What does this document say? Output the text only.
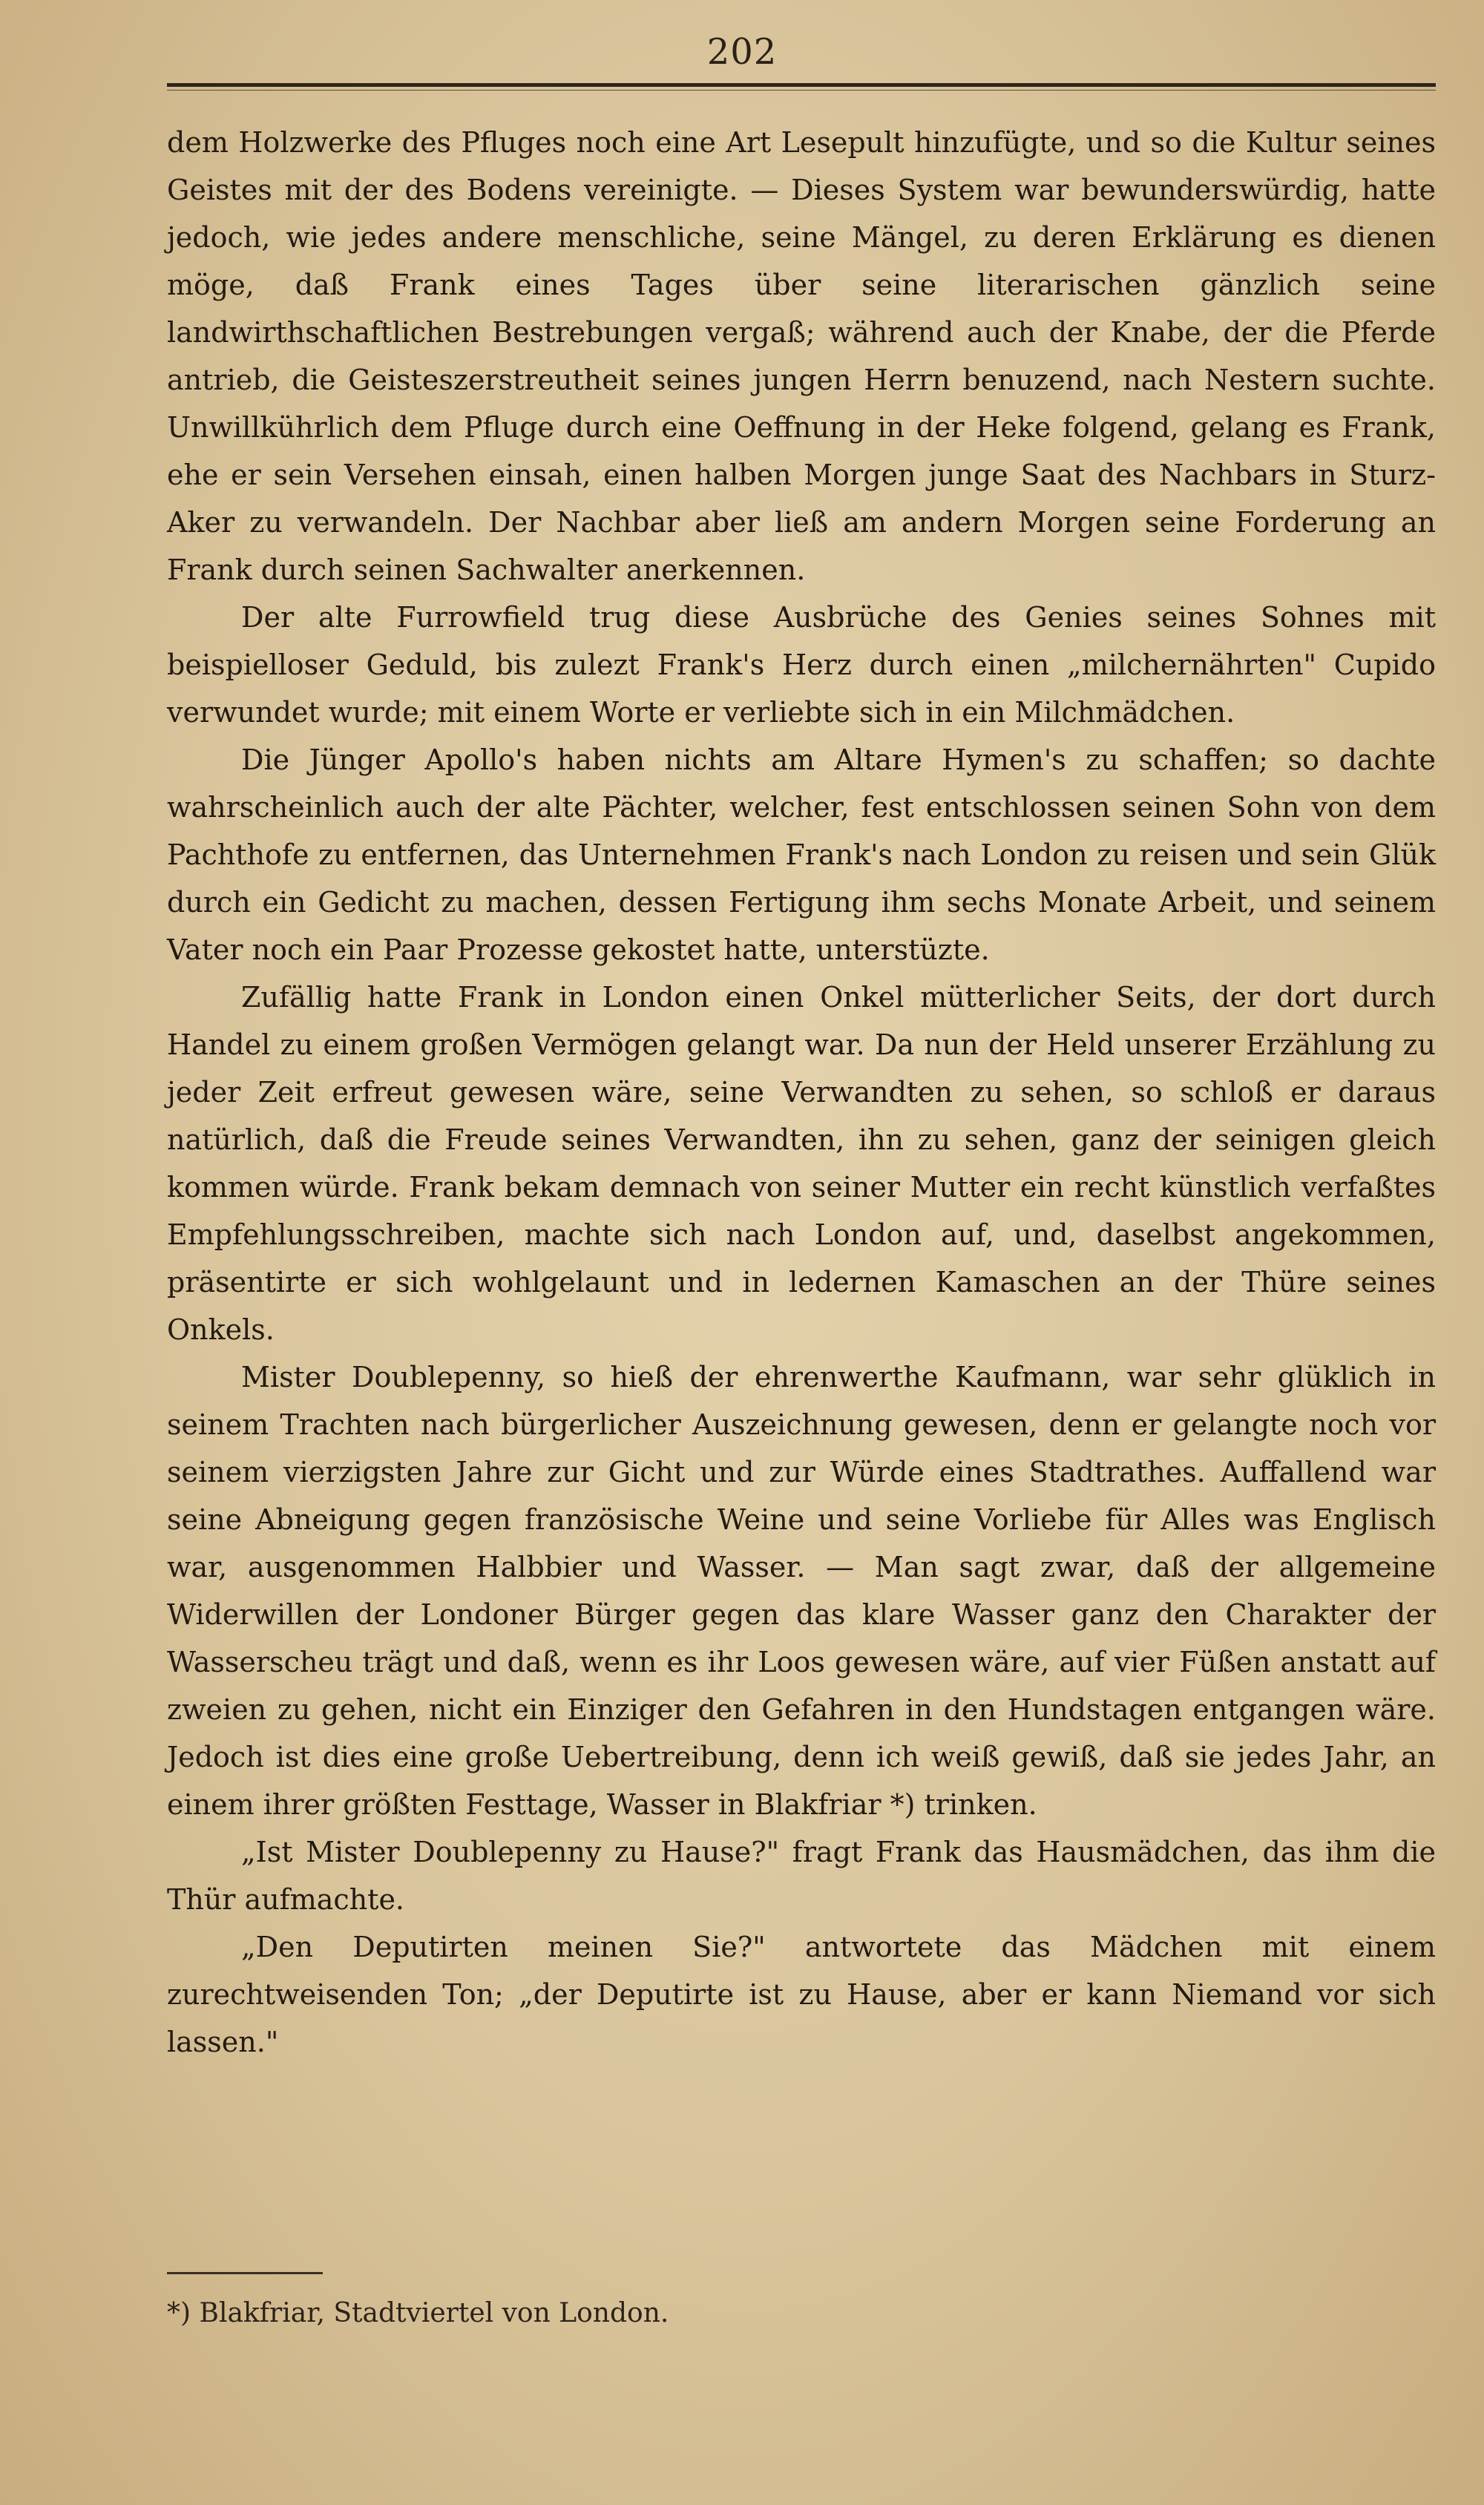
202

dem Holzwerke des Pfluges noch eine Art Lesepult hinzufügte, und so die Kultur seines Geistes mit der des Bodens vereinigte. — Dieses System war bewunderswürdig, hatte jedoch, wie jedes andere menschliche, seine Mängel, zu deren Erklärung es dienen möge, daß Frank eines Tages über seine literarischen gänzlich seine landwirthschaftlichen Bestrebungen vergaß; während auch der Knabe, der die Pferde antrieb, die Geisteszerstreutheit seines jungen Herrn benuzend, nach Nestern suchte. Unwillkührlich dem Pfluge durch eine Oeffnung in der Heke folgend, gelang es Frank, ehe er sein Versehen einsah, einen halben Morgen junge Saat des Nachbars in Sturz-Aker zu verwandeln. Der Nachbar aber ließ am andern Morgen seine Forderung an Frank durch seinen Sachwalter anerkennen.

Der alte Furrowfield trug diese Ausbrüche des Genies seines Sohnes mit beispielloser Geduld, bis zulezt Frank's Herz durch einen „milchernährten" Cupido verwundet wurde; mit einem Worte er verliebte sich in ein Milchmädchen.

Die Jünger Apollo's haben nichts am Altare Hymen's zu schaffen; so dachte wahrscheinlich auch der alte Pächter, welcher, fest entschlossen seinen Sohn von dem Pachthofe zu entfernen, das Unternehmen Frank's nach London zu reisen und sein Glük durch ein Gedicht zu machen, dessen Fertigung ihm sechs Monate Arbeit, und seinem Vater noch ein Paar Prozesse gekostet hatte, unterstüzte.

Zufällig hatte Frank in London einen Onkel mütterlicher Seits, der dort durch Handel zu einem großen Vermögen gelangt war. Da nun der Held unserer Erzählung zu jeder Zeit erfreut gewesen wäre, seine Verwandten zu sehen, so schloß er daraus natürlich, daß die Freude seines Verwandten, ihn zu sehen, ganz der seinigen gleich kommen würde. Frank bekam demnach von seiner Mutter ein recht künstlich verfaßtes Empfehlungsschreiben, machte sich nach London auf, und, daselbst angekommen, präsentirte er sich wohlgelaunt und in ledernen Kamaschen an der Thüre seines Onkels.

Mister Doublepenny, so hieß der ehrenwerthe Kaufmann, war sehr glüklich in seinem Trachten nach bürgerlicher Auszeichnung gewesen, denn er gelangte noch vor seinem vierzigsten Jahre zur Gicht und zur Würde eines Stadtrathes. Auffallend war seine Abneigung gegen französische Weine und seine Vorliebe für Alles was Englisch war, ausgenommen Halbbier und Wasser. — Man sagt zwar, daß der allgemeine Widerwillen der Londoner Bürger gegen das klare Wasser ganz den Charakter der Wasserscheu trägt und daß, wenn es ihr Loos gewesen wäre, auf vier Füßen anstatt auf zweien zu gehen, nicht ein Einziger den Gefahren in den Hundstagen entgangen wäre. Jedoch ist dies eine große Uebertreibung, denn ich weiß gewiß, daß sie jedes Jahr, an einem ihrer größten Festtage, Wasser in Blakfriar *) trinken.

„Ist Mister Doublepenny zu Hause?" fragt Frank das Hausmädchen, das ihm die Thür aufmachte.

„Den Deputirten meinen Sie?" antwortete das Mädchen mit einem zurechtweisenden Ton; „der Deputirte ist zu Hause, aber er kann Niemand vor sich lassen."

*) Blakfriar, Stadtviertel von London.
